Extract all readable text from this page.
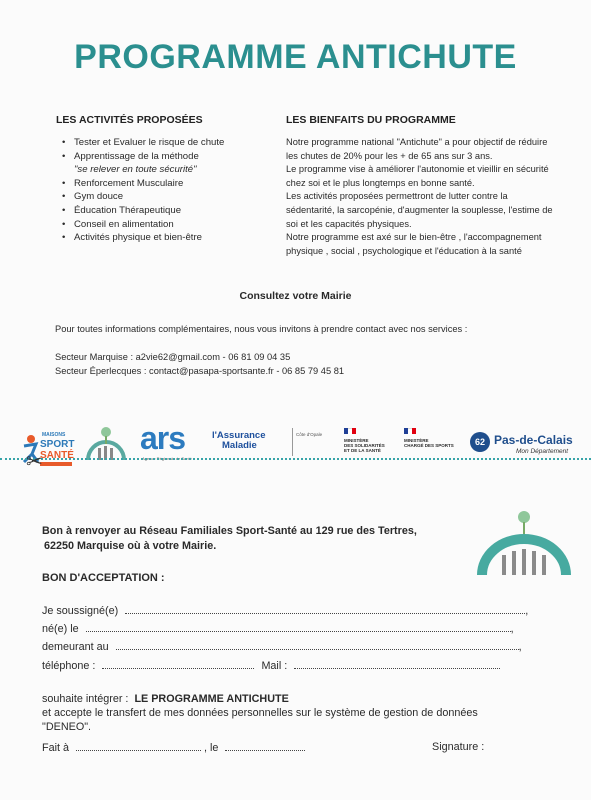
PROGRAMME ANTICHUTE
LES ACTIVITÉS PROPOSÉES
• Tester et Evaluer le risque de chute
• Apprentissage de la méthode
"se relever en toute sécurité"
• Renforcement Musculaire
• Gym douce
• Éducation Thérapeutique
• Conseil en alimentation
• Activités physique et bien-être
LES BIENFAITS DU PROGRAMME
Notre programme national "Antichute" a pour objectif de réduire
les chutes de 20% pour les + de 65 ans sur 3 ans.
Le programme vise à améliorer l'autonomie et vieillir en sécurité
chez soi et le plus longtemps en bonne santé.
Les activités proposées permettront de lutter contre la
sédentarité, la sarcopénie, d'augmenter la souplesse, l'estime de
soi et les capacités physiques.
Notre programme est axé sur le bien-être , l'accompagnement
physique , social , psychologique et l'éducation à la santé
Consultez votre Mairie
Pour toutes informations complémentaires, nous vous invitons à prendre contact avec nos services :
Secteur Marquise : a2vie62@gmail.com - 06 81 09 04 35
Secteur Éperlecques : contact@pasapa-sportsante.fr - 06 85 79 45 81
MAISONS
SPORT
SANTÉ ars
Agence Régionale de Santé
l'Assurance
Maladie
Côte d'Opale
MINISTÈRE
DES SOLIDARITÉS
ET DE LA SANTÉ
MINISTÈRE
CHARGÉ DES SPORTS	62 Pas-de-Calais
Mon Département
✂
Bon à renvoyer au Réseau Familiales Sport-Santé au 129 rue des Tertres,
62250 Marquise où à votre Mairie.
BON D'ACCEPTATION :
Je soussigné(e)	,
né(e) le	,
demeurant au	,
téléphone :	Mail :
souhaite intégrer : LE PROGRAMME ANTICHUTE
et accepte le transfert de mes données personnelles sur le système de gestion de données
"DENEO".
Fait à	, le	Signature :
